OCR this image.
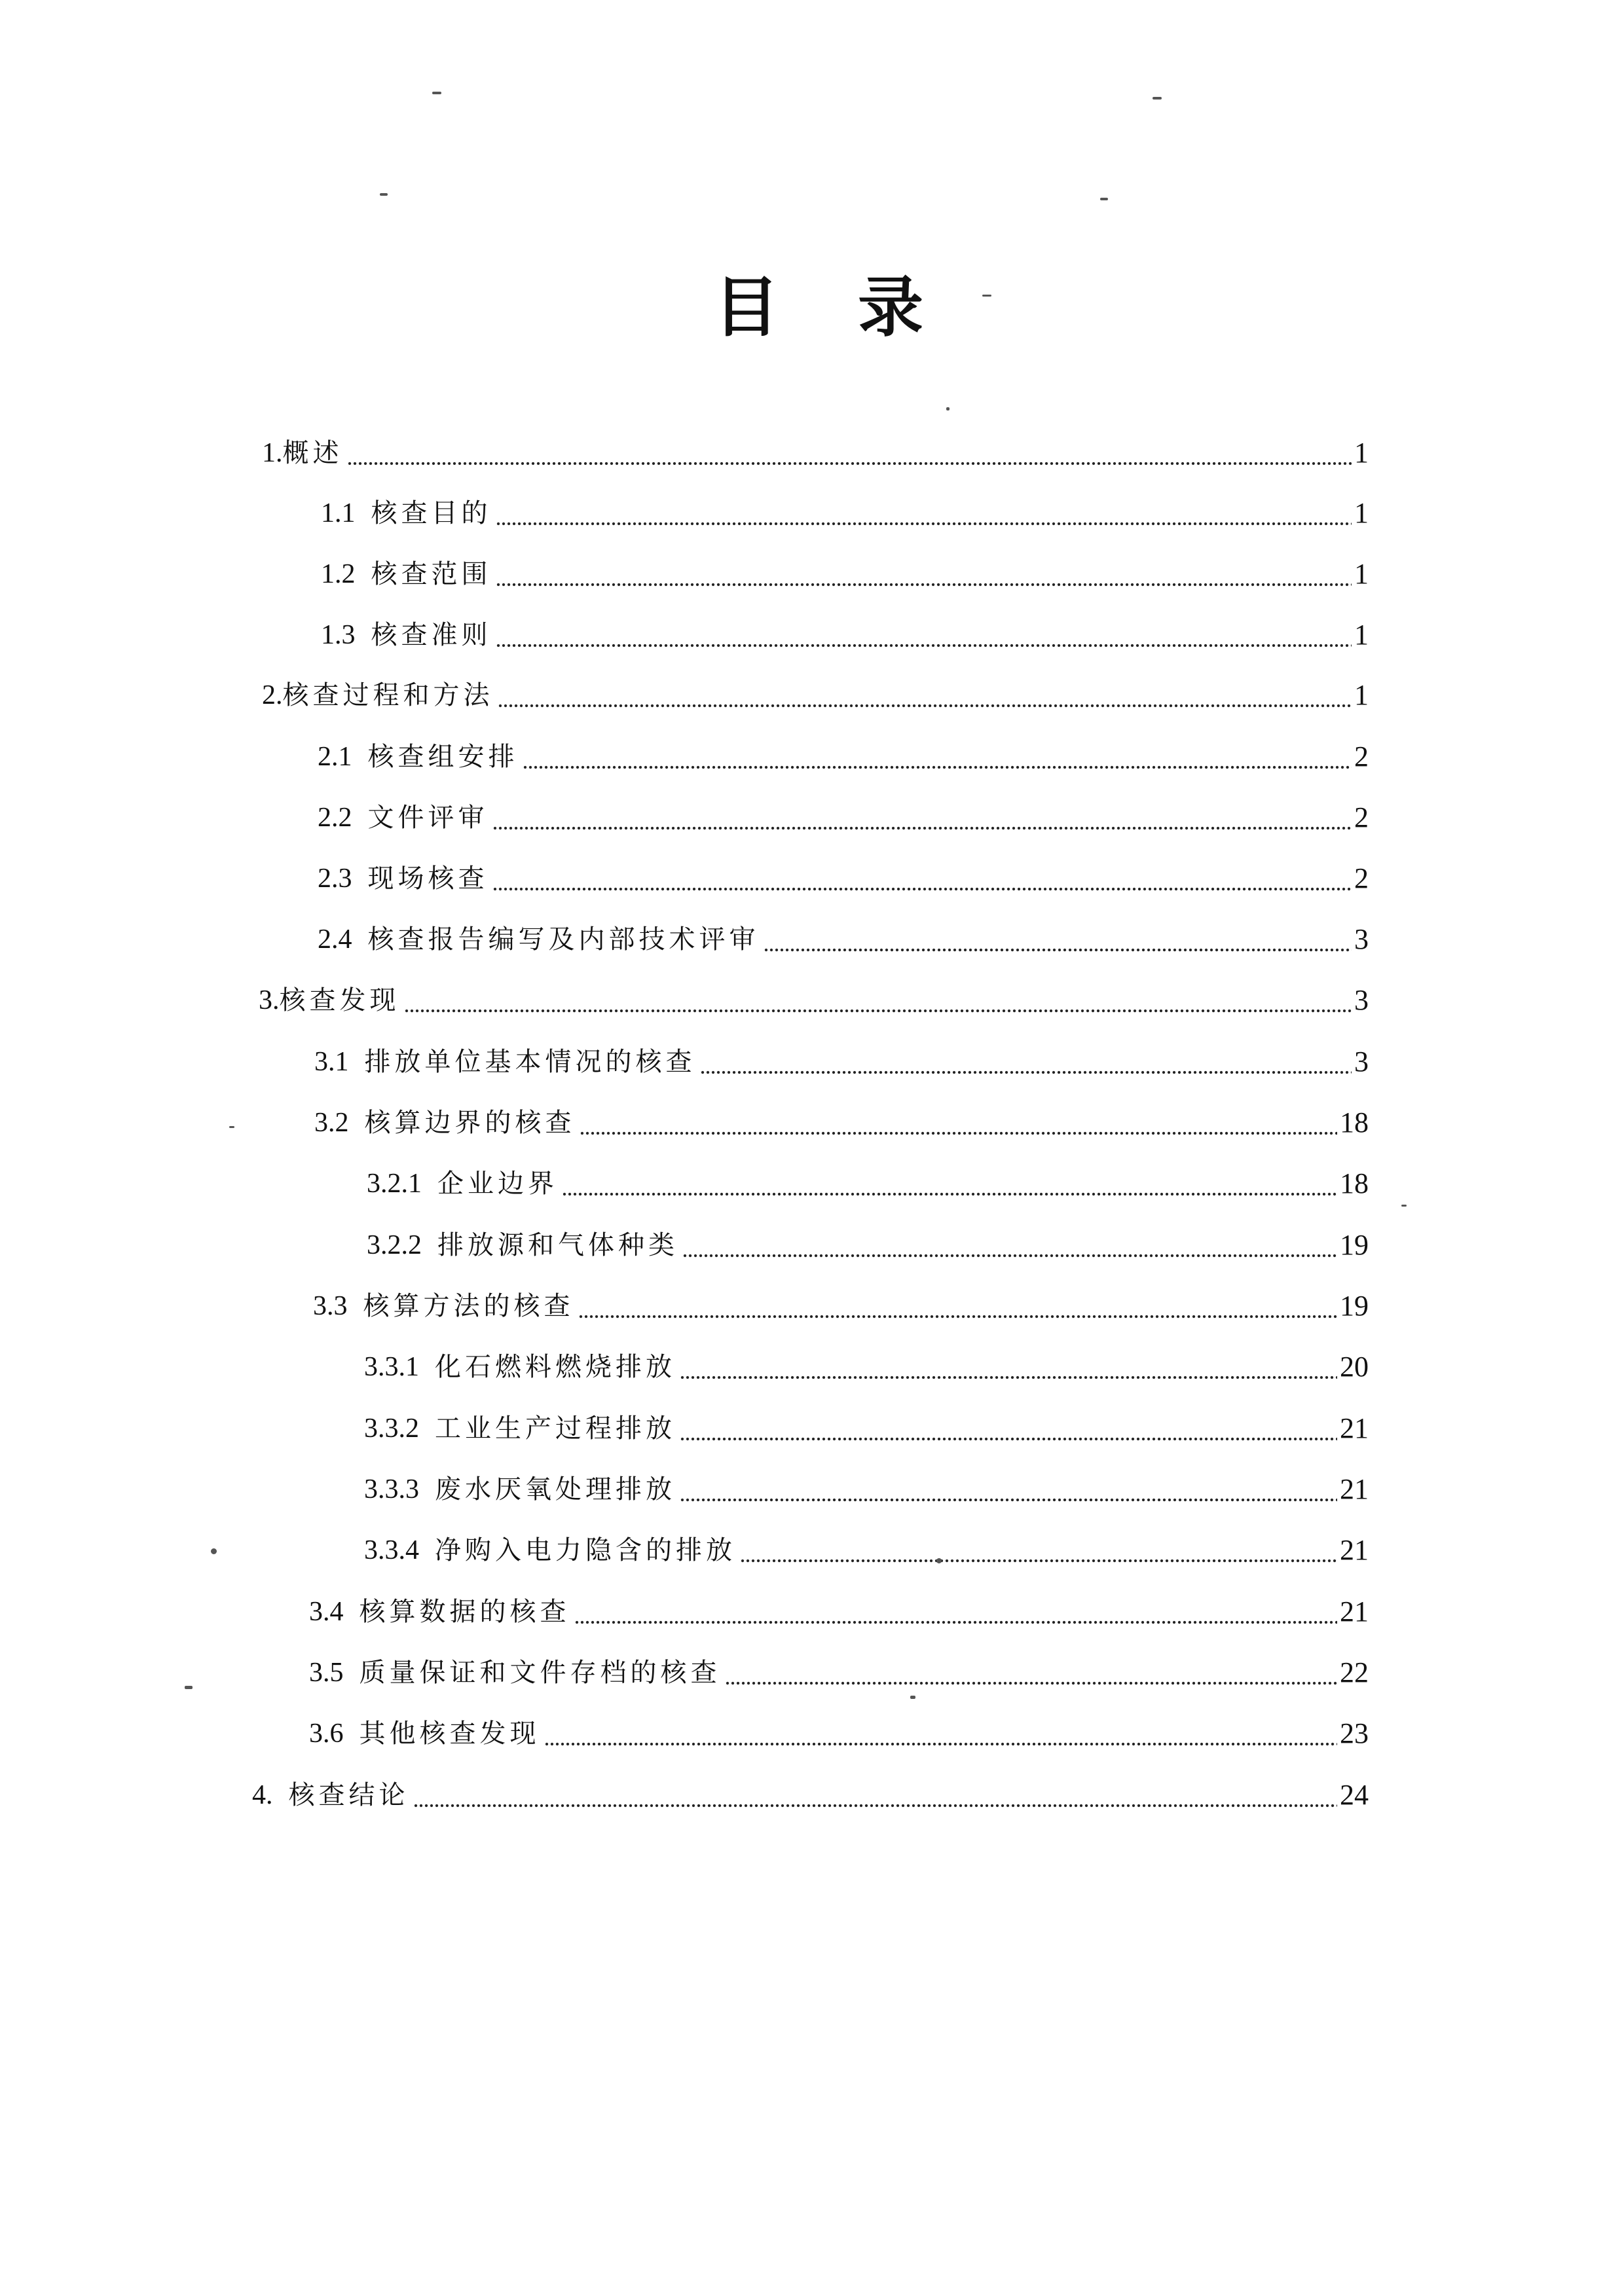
目 录
1. 概述	1
1.1 核查目的	1
1.2 核查范围	1
1.3 核查准则	1
2. 核查过程和方法	1
2.1 核查组安排	2
2.2 文件评审	2
2.3 现场核查	2
2.4 核查报告编写及内部技术评审	3
3. 核查发现	3
3.1 排放单位基本情况的核查	3
3.2 核算边界的核查	18
3.2.1 企业边界	18
3.2.2 排放源和气体种类	19
3.3 核算方法的核查	19
3.3.1 化石燃料燃烧排放	20
3.3.2 工业生产过程排放	21
3.3.3 废水厌氧处理排放	21
3.3.4 净购入电力隐含的排放	21
3.4 核算数据的核查	21
3.5 质量保证和文件存档的核查	22
3.6 其他核查发现	23
4. 核查结论	24
